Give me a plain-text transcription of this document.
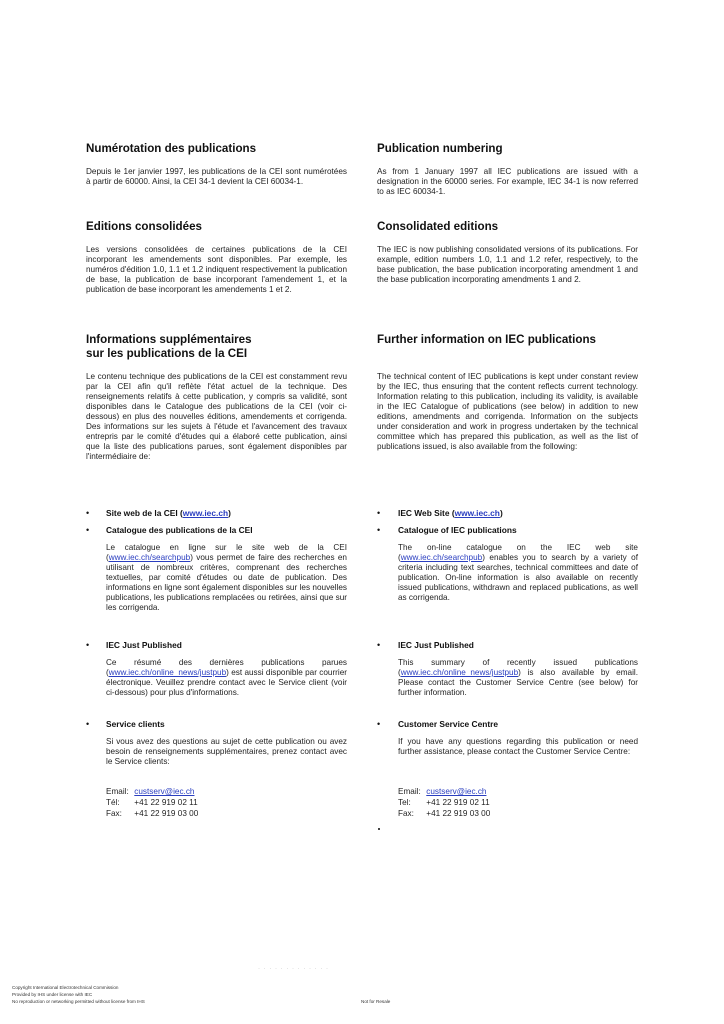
Numérotation des publications

Depuis le 1er janvier 1997, les publications de la CEI sont numérotées à partir de 60000. Ainsi, la CEI 34-1 devient la CEI 60034-1.

Editions consolidées

Les versions consolidées de certaines publications de la CEI incorporant les amendements sont disponibles. Par exemple, les numéros d'édition 1.0, 1.1 et 1.2 indiquent respectivement la publication de base, la publication de base incorporant l'amendement 1, et la publication de base incorporant les amendements 1 et 2.

Informations supplémentaires
sur les publications de la CEI

Le contenu technique des publications de la CEI est constamment revu par la CEI afin qu'il reflète l'état actuel de la technique. Des renseignements relatifs à cette publication, y compris sa validité, sont disponibles dans le Catalogue des publications de la CEI (voir ci-dessous) en plus des nouvelles éditions, amendements et corrigenda. Des informations sur les sujets à l'étude et l'avancement des travaux entrepris par le comité d'études qui a élaboré cette publication, ainsi que la liste des publications parues, sont également disponibles par l'intermédiaire de:

• Site web de la CEI (www.iec.ch)
• Catalogue des publications de la CEI

Le catalogue en ligne sur le site web de la CEI (www.iec.ch/searchpub) vous permet de faire des recherches en utilisant de nombreux critères, comprenant des recherches textuelles, par comité d'études ou date de publication. Des informations en ligne sont également disponibles sur les nouvelles publications, les publications remplacées ou retirées, ainsi que sur les corrigenda.

• IEC Just Published

Ce résumé des dernières publications parues (www.iec.ch/online_news/justpub) est aussi disponible par courrier électronique. Veuillez prendre contact avec le Service client (voir ci-dessous) pour plus d'informations.

• Service clients

Si vous avez des questions au sujet de cette publication ou avez besoin de renseignements supplémentaires, prenez contact avec le Service clients:

Email: custserv@iec.ch
Tél: +41 22 919 02 11
Fax: +41 22 919 03 00
Publication numbering

As from 1 January 1997 all IEC publications are issued with a designation in the 60000 series. For example, IEC 34-1 is now referred to as IEC 60034-1.

Consolidated editions

The IEC is now publishing consolidated versions of its publications. For example, edition numbers 1.0, 1.1 and 1.2 refer, respectively, to the base publication, the base publication incorporating amendment 1 and the base publication incorporating amendments 1 and 2.

Further information on IEC publications

The technical content of IEC publications is kept under constant review by the IEC, thus ensuring that the content reflects current technology. Information relating to this publication, including its validity, is available in the IEC Catalogue of publications (see below) in addition to new editions, amendments and corrigenda. Information on the subjects under consideration and work in progress undertaken by the technical committee which has prepared this publication, as well as the list of publications issued, is also available from the following:

• IEC Web Site (www.iec.ch)
• Catalogue of IEC publications

The on-line catalogue on the IEC web site (www.iec.ch/searchpub) enables you to search by a variety of criteria including text searches, technical committees and date of publication. On-line information is also available on recently issued publications, withdrawn and replaced publications, as well as corrigenda.

• IEC Just Published

This summary of recently issued publications (www.iec.ch/online_news/justpub) is also available by email. Please contact the Customer Service Centre (see below) for further information.

• Customer Service Centre

If you have any questions regarding this publication or need further assistance, please contact the Customer Service Centre:

Email: custserv@iec.ch
Tel: +41 22 919 02 11
Fax: +41 22 919 03 00
· · · · · · · · · · · · ·
Copyright International Electrotechnical Commission
Provided by IHS under license with IEC
No reproduction or networking permitted without license from IHS	Not for Resale
